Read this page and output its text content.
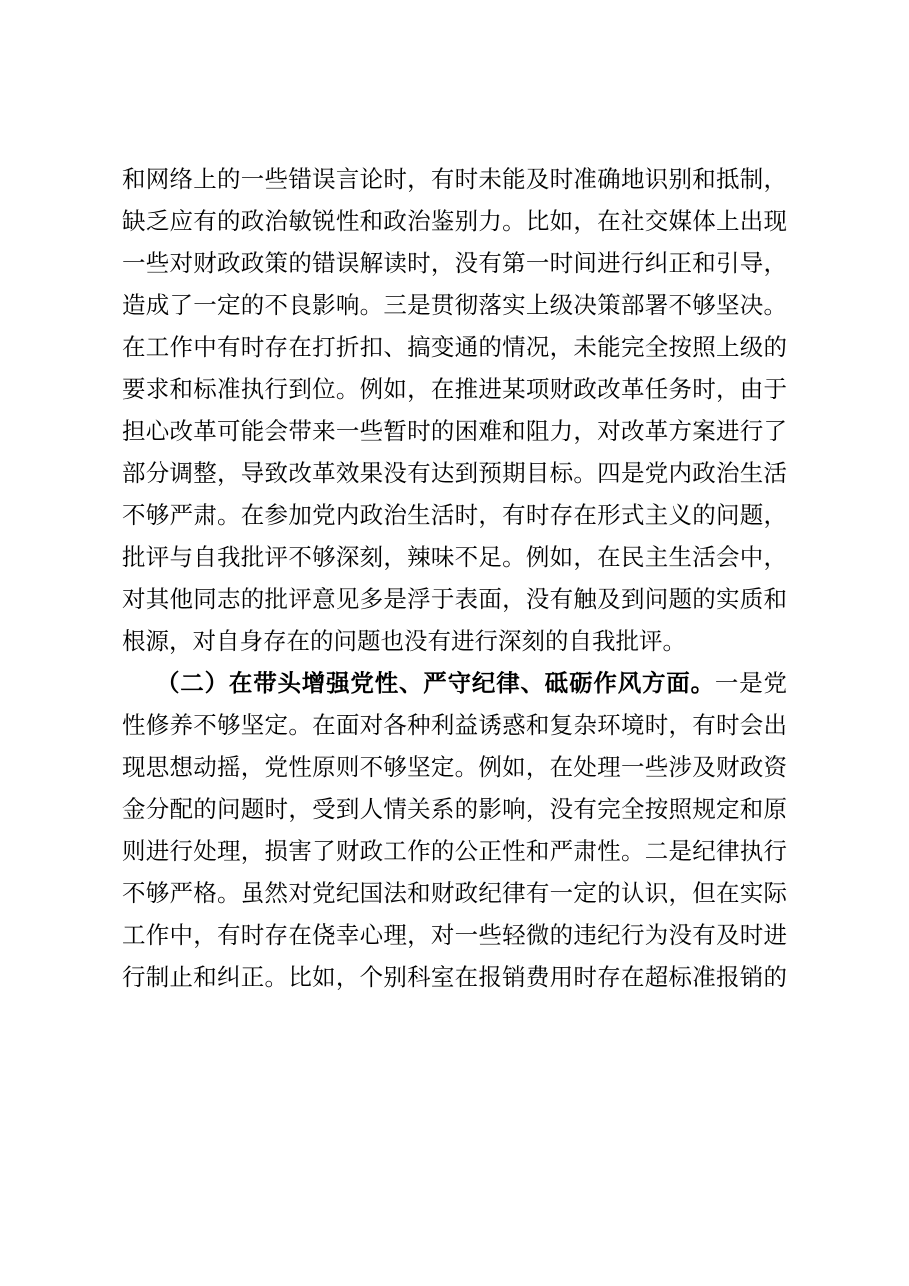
和网络上的一些错误言论时，有时未能及时准确地识别和抵制，
缺乏应有的政治敏锐性和政治鉴别力。比如，在社交媒体上出现
一些对财政政策的错误解读时，没有第一时间进行纠正和引导，
造成了一定的不良影响。三是贯彻落实上级决策部署不够坚决。
在工作中有时存在打折扣、搞变通的情况，未能完全按照上级的
要求和标准执行到位。例如，在推进某项财政改革任务时，由于
担心改革可能会带来一些暂时的困难和阻力，对改革方案进行了
部分调整，导致改革效果没有达到预期目标。四是党内政治生活
不够严肃。在参加党内政治生活时，有时存在形式主义的问题，
批评与自我批评不够深刻，辣味不足。例如，在民主生活会中，
对其他同志的批评意见多是浮于表面，没有触及到问题的实质和
根源，对自身存在的问题也没有进行深刻的自我批评。
（二）在带头增强党性、严守纪律、砥砺作风方面。一是党
性修养不够坚定。在面对各种利益诱惑和复杂环境时，有时会出
现思想动摇，党性原则不够坚定。例如，在处理一些涉及财政资
金分配的问题时，受到人情关系的影响，没有完全按照规定和原
则进行处理，损害了财政工作的公正性和严肃性。二是纪律执行
不够严格。虽然对党纪国法和财政纪律有一定的认识，但在实际
工作中，有时存在侥幸心理，对一些轻微的违纪行为没有及时进
行制止和纠正。比如，个别科室在报销费用时存在超标准报销的
